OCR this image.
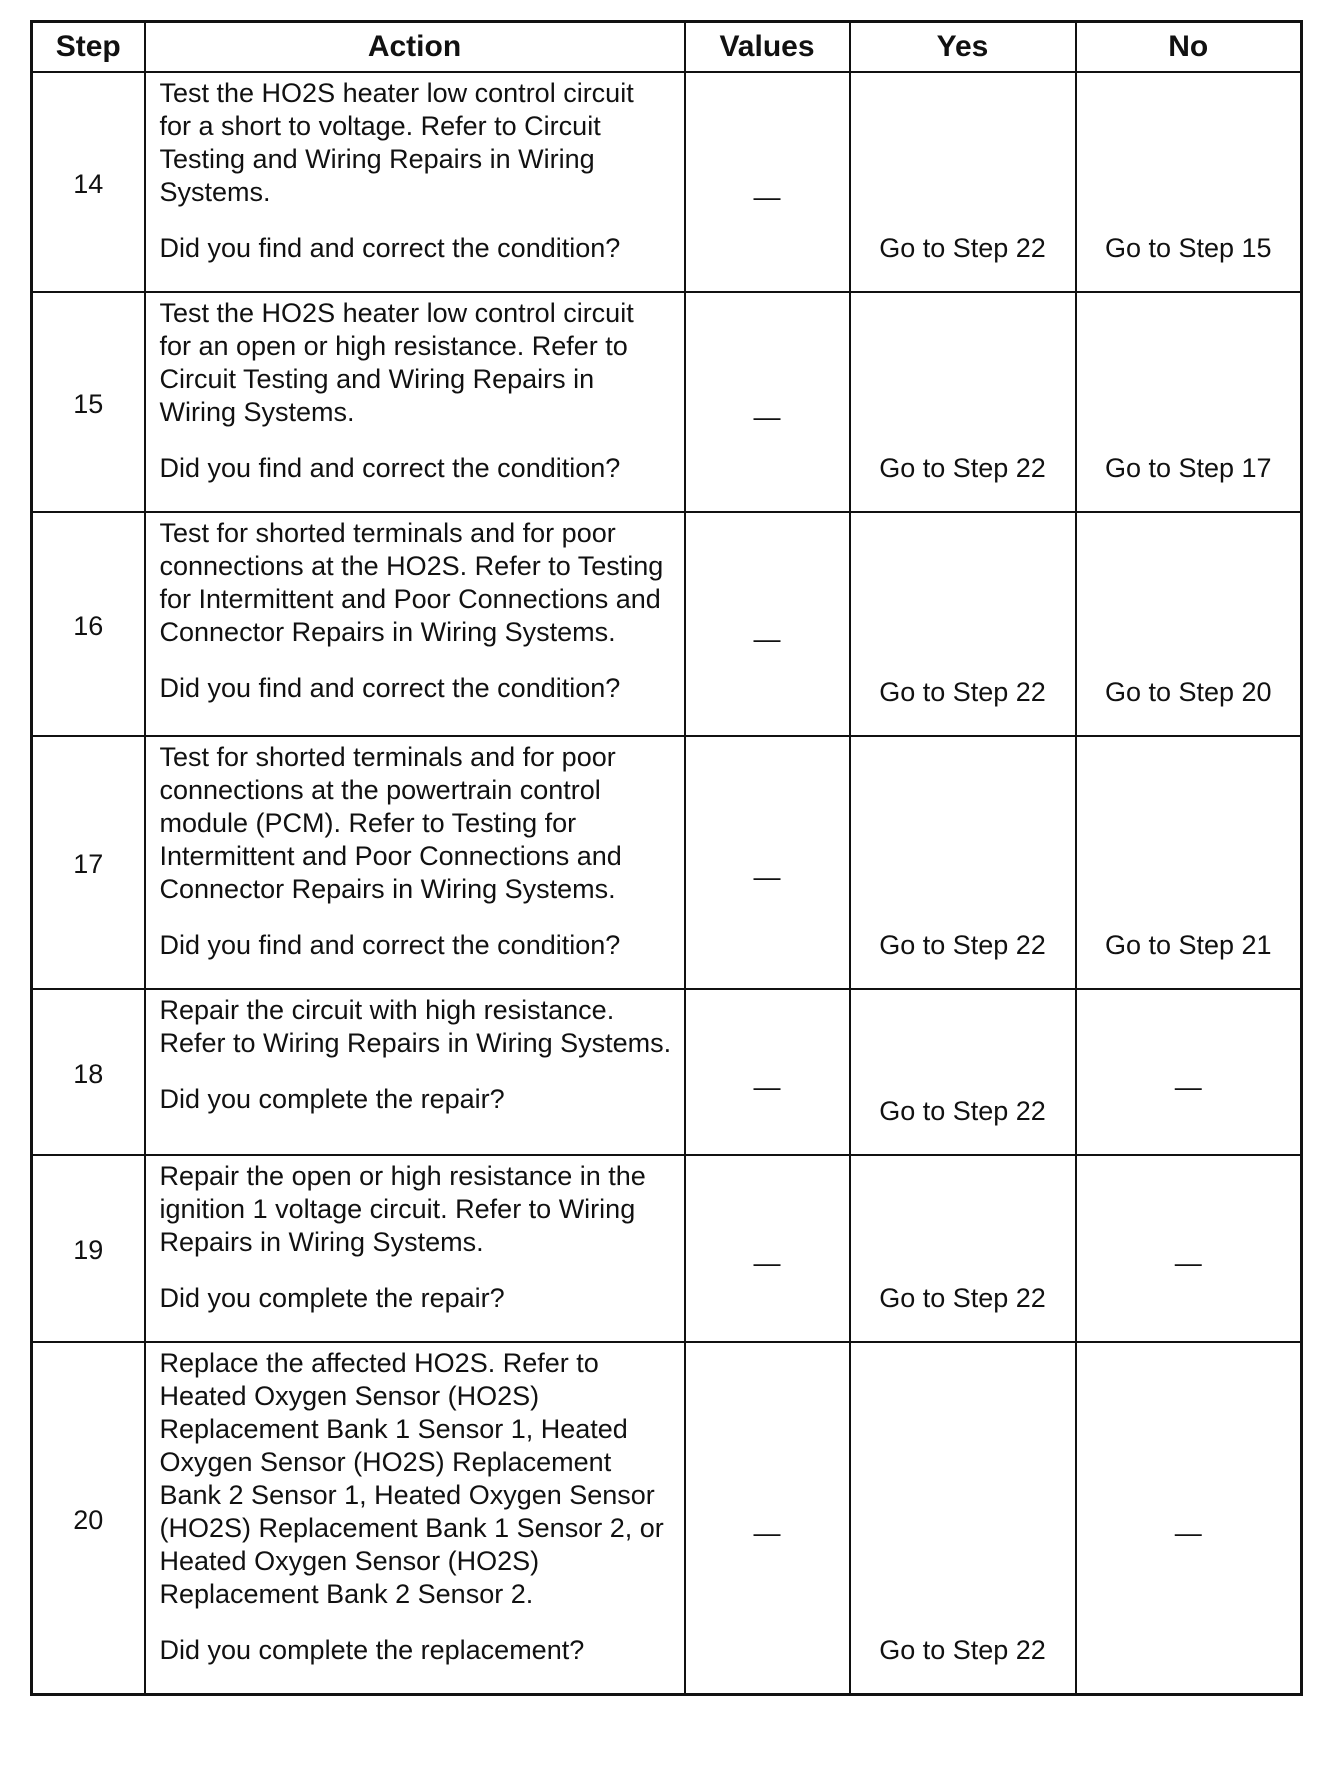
Step	Action	Values	Yes	No
14	Test the HO2S heater low control circuit for a short to voltage. Refer to Circuit Testing and Wiring Repairs in Wiring Systems.
Did you find and correct the condition?	—	Go to Step 22	Go to Step 15
15	Test the HO2S heater low control circuit for an open or high resistance. Refer to Circuit Testing and Wiring Repairs in Wiring Systems.
Did you find and correct the condition?	—	Go to Step 22	Go to Step 17
16	Test for shorted terminals and for poor connections at the HO2S. Refer to Testing for Intermittent and Poor Connections and Connector Repairs in Wiring Systems.
Did you find and correct the condition?	—	Go to Step 22	Go to Step 20
17	Test for shorted terminals and for poor connections at the powertrain control module (PCM). Refer to Testing for Intermittent and Poor Connections and Connector Repairs in Wiring Systems.
Did you find and correct the condition?	—	Go to Step 22	Go to Step 21
18	Repair the circuit with high resistance. Refer to Wiring Repairs in Wiring Systems.
Did you complete the repair?	—	Go to Step 22	—
19	Repair the open or high resistance in the ignition 1 voltage circuit. Refer to Wiring Repairs in Wiring Systems.
Did you complete the repair?	—	Go to Step 22	—
20	Replace the affected HO2S. Refer to Heated Oxygen Sensor (HO2S) Replacement Bank 1 Sensor 1, Heated Oxygen Sensor (HO2S) Replacement Bank 2 Sensor 1, Heated Oxygen Sensor (HO2S) Replacement Bank 1 Sensor 2, or Heated Oxygen Sensor (HO2S) Replacement Bank 2 Sensor 2.
Did you complete the replacement?	—	Go to Step 22	—
